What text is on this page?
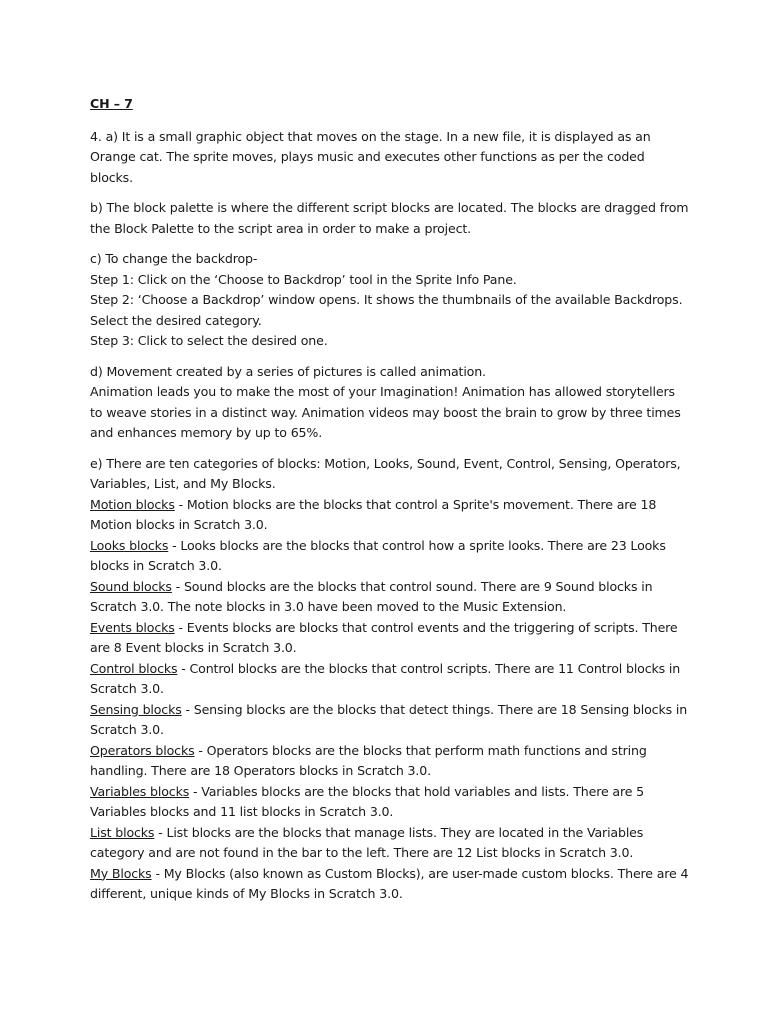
CH – 7

4. a) It is a small graphic object that moves on the stage. In a new file, it is displayed as an Orange cat. The sprite moves, plays music and executes other functions as per the coded blocks.

b) The block palette is where the different script blocks are located. The blocks are dragged from the Block Palette to the script area in order to make a project.

c) To change the backdrop-
Step 1: Click on the ‘Choose to Backdrop’ tool in the Sprite Info Pane.
Step 2: ‘Choose a Backdrop’ window opens. It shows the thumbnails of the available Backdrops. Select the desired category.
Step 3: Click to select the desired one.

d) Movement created by a series of pictures is called animation.
Animation leads you to make the most of your Imagination! Animation has allowed storytellers to weave stories in a distinct way. Animation videos may boost the brain to grow by three times and enhances memory by up to 65%.

e) There are ten categories of blocks: Motion, Looks, Sound, Event, Control, Sensing, Operators, Variables, List, and My Blocks.
Motion blocks - Motion blocks are the blocks that control a Sprite's movement. There are 18 Motion blocks in Scratch 3.0.
Looks blocks - Looks blocks are the blocks that control how a sprite looks. There are 23 Looks blocks in Scratch 3.0.
Sound blocks - Sound blocks are the blocks that control sound. There are 9 Sound blocks in Scratch 3.0. The note blocks in 3.0 have been moved to the Music Extension.
Events blocks - Events blocks are blocks that control events and the triggering of scripts. There are 8 Event blocks in Scratch 3.0.
Control blocks - Control blocks are the blocks that control scripts. There are 11 Control blocks in Scratch 3.0.
Sensing blocks - Sensing blocks are the blocks that detect things. There are 18 Sensing blocks in Scratch 3.0.
Operators blocks - Operators blocks are the blocks that perform math functions and string handling. There are 18 Operators blocks in Scratch 3.0.
Variables blocks - Variables blocks are the blocks that hold variables and lists. There are 5 Variables blocks and 11 list blocks in Scratch 3.0.
List blocks - List blocks are the blocks that manage lists. They are located in the Variables category and are not found in the bar to the left. There are 12 List blocks in Scratch 3.0.
My Blocks - My Blocks (also known as Custom Blocks), are user-made custom blocks. There are 4 different, unique kinds of My Blocks in Scratch 3.0.
